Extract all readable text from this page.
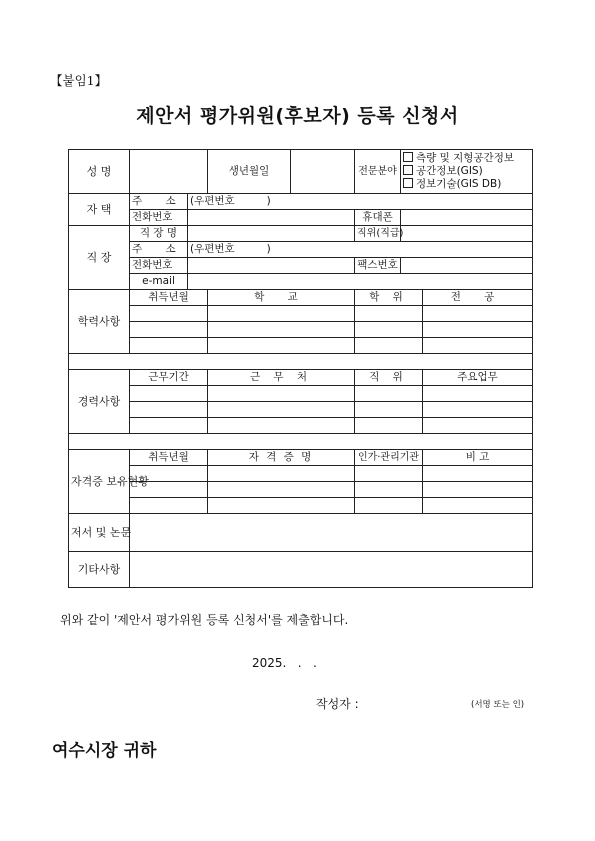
【붙임1】
제안서 평가위원(후보자) 등록 신청서
성 명			생년월일		전문분야	측량 및 지형공간정보
공간정보(GIS)
정보기술(GIS DB)	

자 택	주 소	(우편번호 )					
	전화번호				휴대폰		
직 장	직 장 명				직위(직급)		
	주 소	(우편번호 )					
	전화번호				팩스번호		
	e-mail						
학력사항	취득년월		학 교		학 위		전 공

경력사항	근무기간		근 무 처		직 위		주요업무

자격증 보유현황	취득년월		자 격 증 명		인가·관리기관		비 고

저서 및 논문							
기타사항							
위와 같이 '제안서 평가위원 등록 신청서'를 제출합니다.
2025.   .   .
작성자 :	(서명 또는 인)
여수시장 귀하
